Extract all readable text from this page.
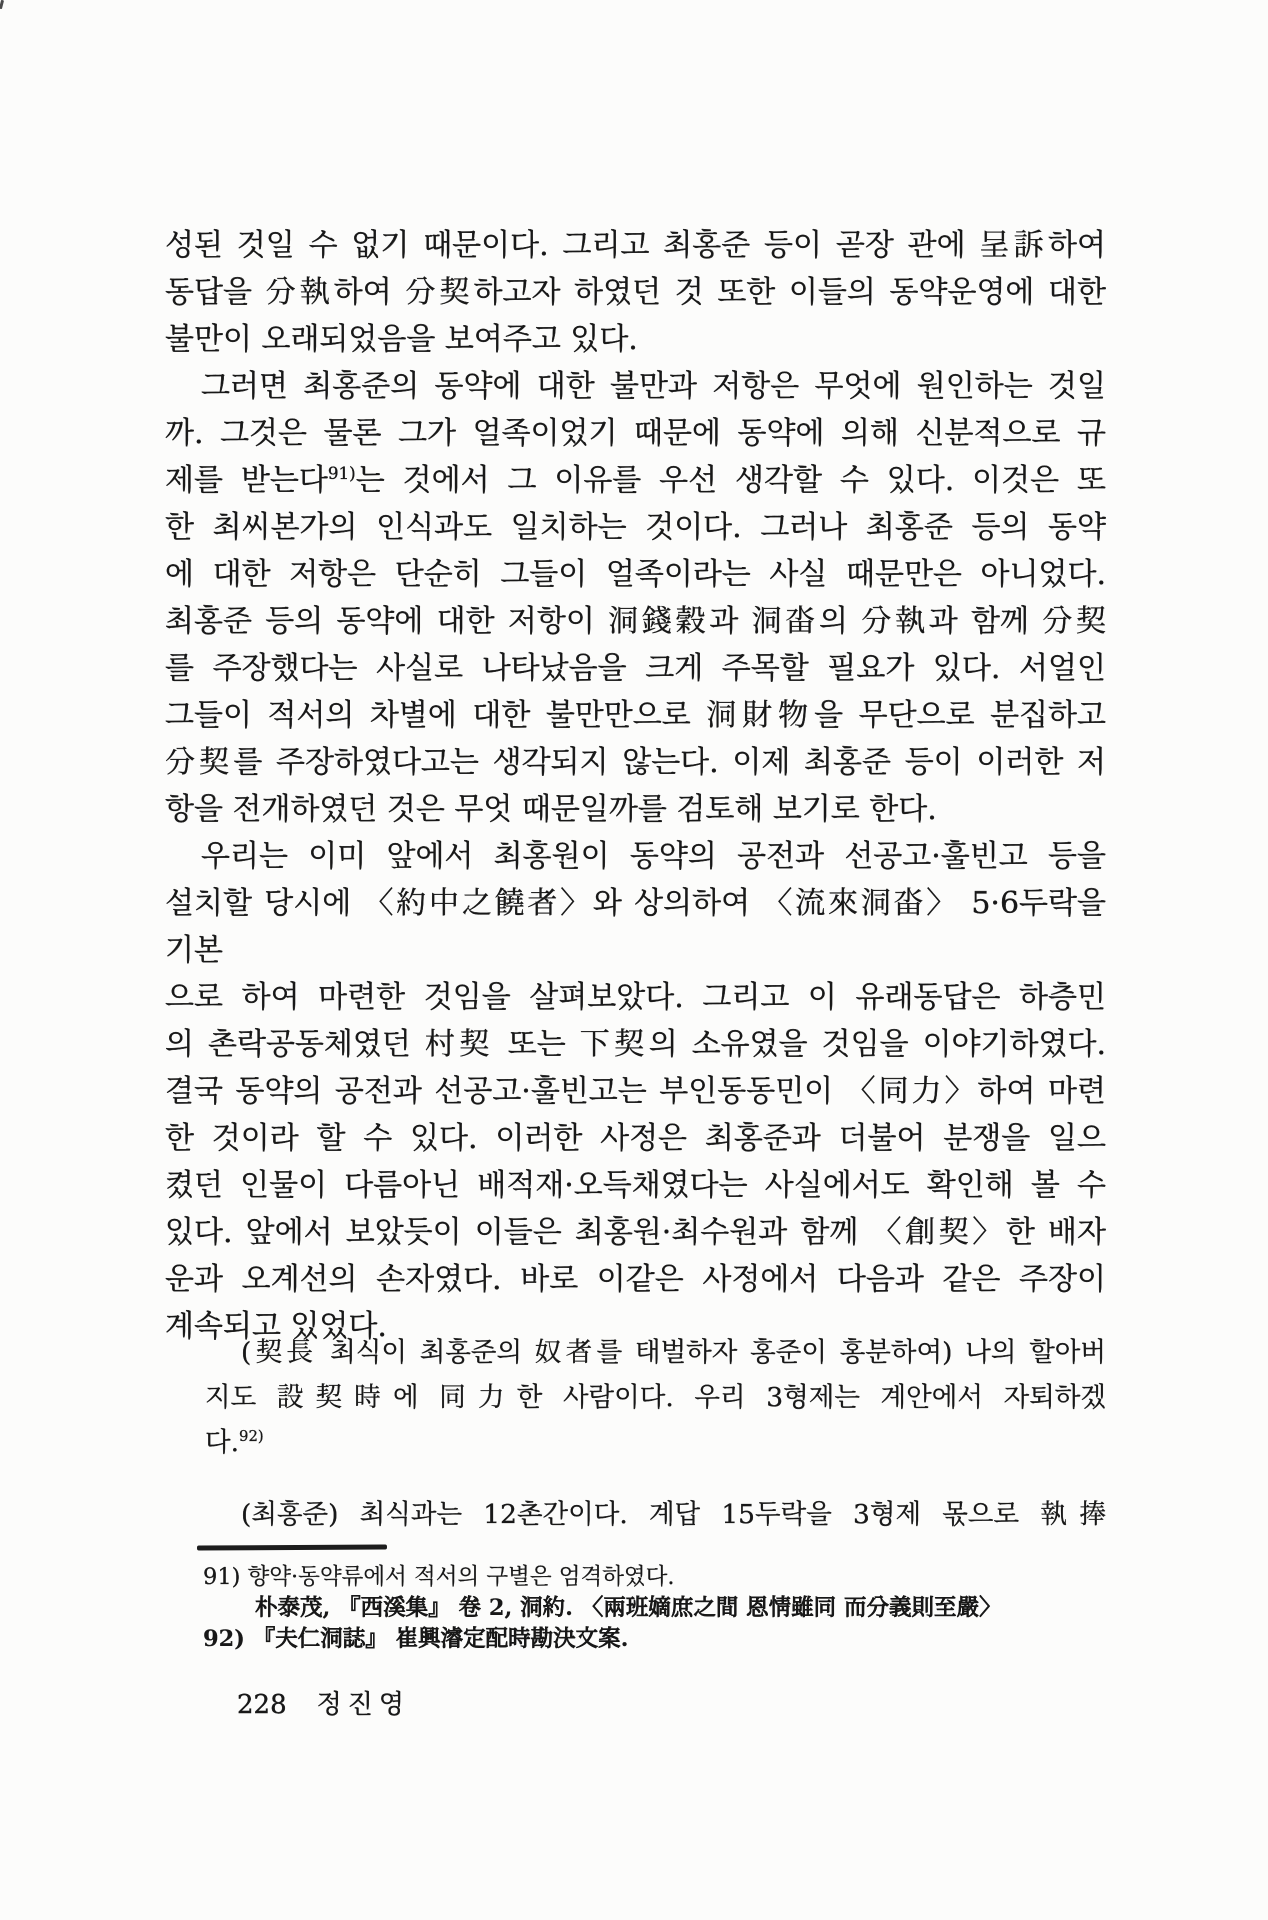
성된 것일 수 없기 때문이다. 그리고 최홍준 등이 곧장 관에 呈訴하여
동답을 分執하여 分契하고자 하였던 것 또한 이들의 동약운영에 대한
불만이 오래되었음을 보여주고 있다.
그러면 최홍준의 동약에 대한 불만과 저항은 무엇에 원인하는 것일
까. 그것은 물론 그가 얼족이었기 때문에 동약에 의해 신분적으로 규
제를 받는다$^{91)}$는 것에서 그 이유를 우선 생각할 수 있다. 이것은 또
한 최씨본가의 인식과도 일치하는 것이다. 그러나 최홍준 등의 동약
에 대한 저항은 단순히 그들이 얼족이라는 사실 때문만은 아니었다.
최홍준 등의 동약에 대한 저항이 洞錢穀과 洞畓의 分執과 함께 分契
를 주장했다는 사실로 나타났음을 크게 주목할 필요가 있다. 서얼인
그들이 적서의 차별에 대한 불만만으로 洞財物을 무단으로 분집하고
分契를 주장하였다고는 생각되지 않는다. 이제 최홍준 등이 이러한 저
항을 전개하였던 것은 무엇 때문일까를 검토해 보기로 한다.
우리는 이미 앞에서 최홍원이 동약의 공전과 선공고·훌빈고 등을
설치할 당시에 〈約中之饒者〉와 상의하여 〈流來洞畓〉 5·6두락을 기본
으로 하여 마련한 것임을 살펴보았다. 그리고 이 유래동답은 하층민
의 촌락공동체였던 村契 또는 下契의 소유였을 것임을 이야기하였다.
결국 동약의 공전과 선공고·훌빈고는 부인동동민이 〈同力〉하여 마련
한 것이라 할 수 있다. 이러한 사정은 최홍준과 더불어 분쟁을 일으
켰던 인물이 다름아닌 배적재·오득채였다는 사실에서도 확인해 볼 수
있다. 앞에서 보았듯이 이들은 최홍원·최수원과 함께 〈創契〉한 배자
운과 오계선의 손자였다. 바로 이같은 사정에서 다음과 같은 주장이
계속되고 있었다.
(契長 최식이 최홍준의 奴者를 태벌하자 홍준이 홍분하여) 나의 할아버
지도 設契時에 同力한 사람이다. 우리 3형제는 계안에서 자퇴하겠
다.$^{92)}$
(최홍준) 최식과는 12촌간이다. 계답 15두락을 3형제 몫으로 執捧
91) 향약·동약류에서 적서의 구별은 엄격하였다.
朴泰茂, 『西溪集』 卷 2, 洞約. 〈兩班嫡庶之間 恩情雖同 而分義則至嚴〉
92) 『夫仁洞誌』 崔興濬定配時勘決文案.
228 정진영
